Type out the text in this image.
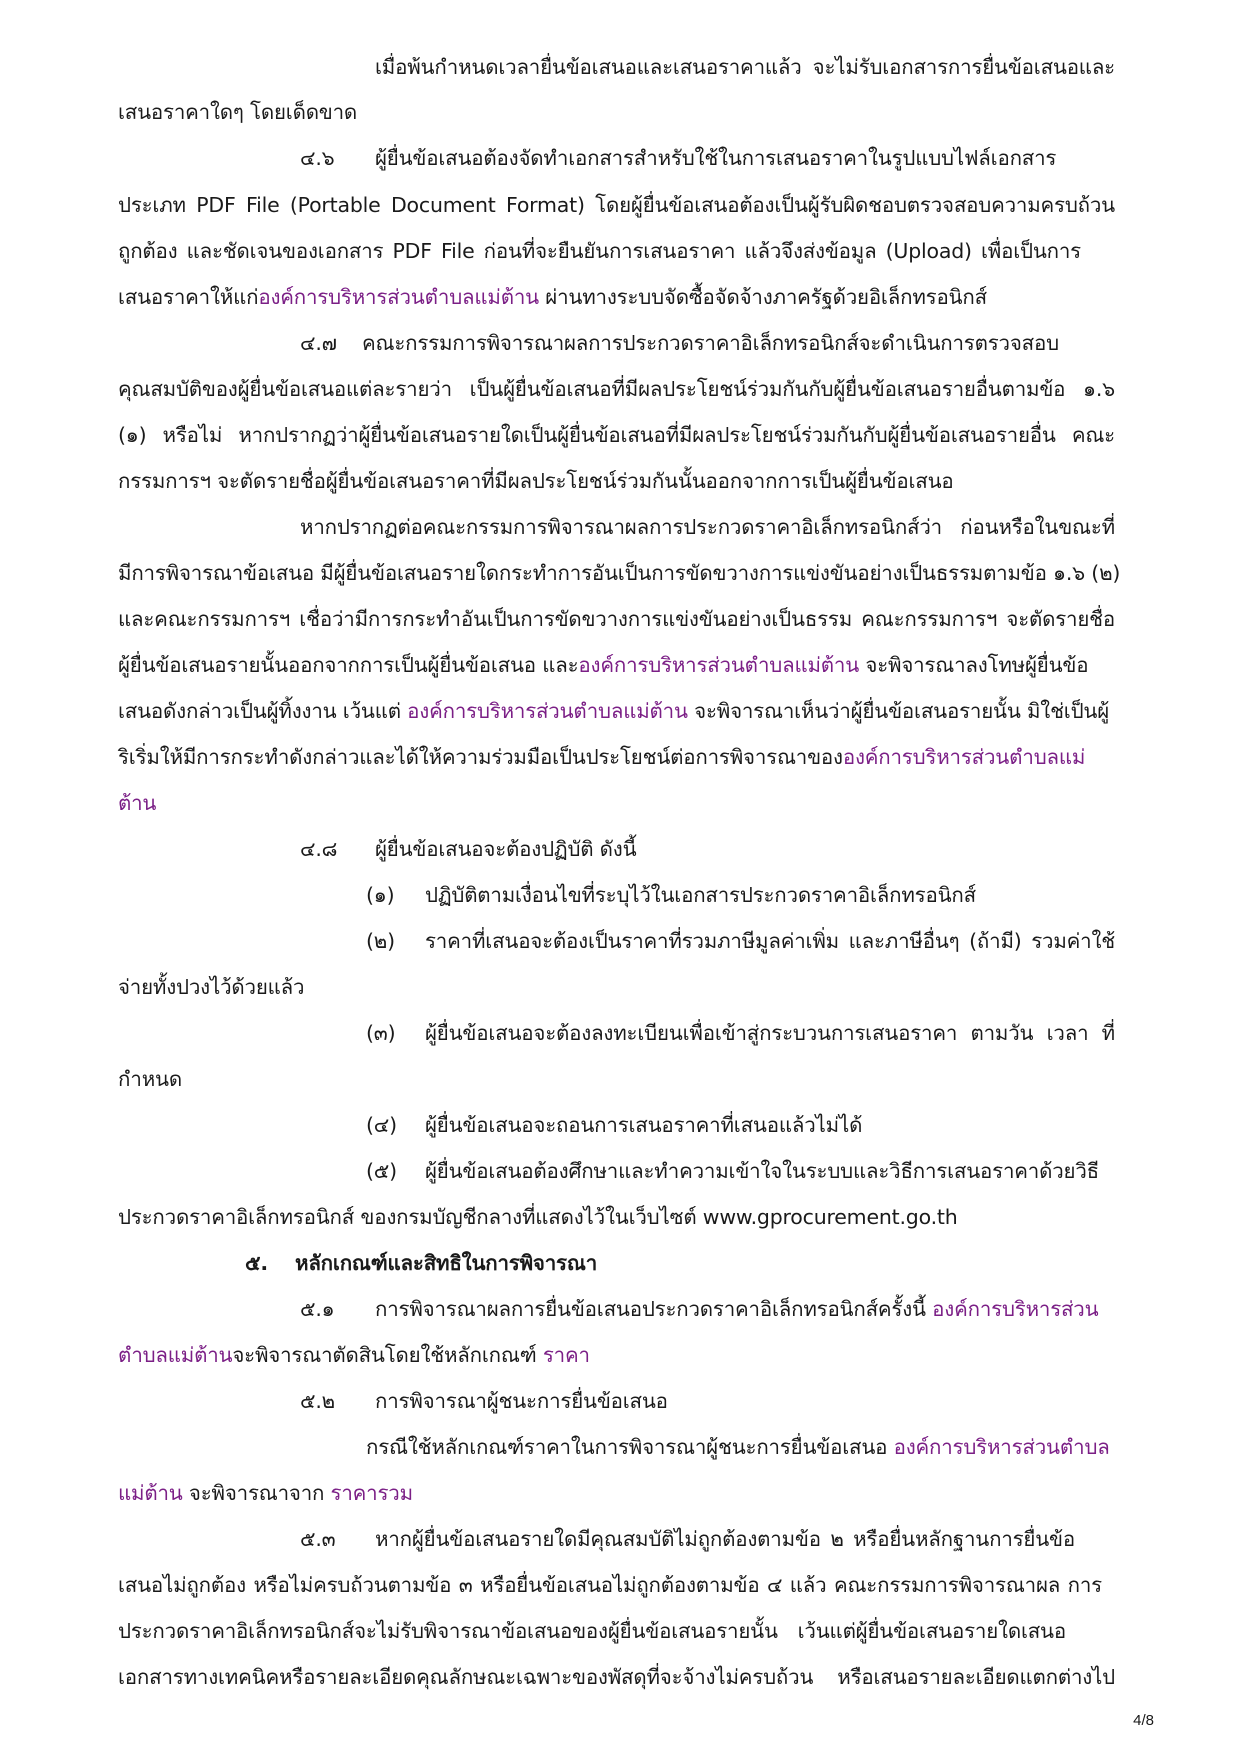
เมื่อพ้นกำหนดเวลายื่นข้อเสนอและเสนอราคาแล้ว จะไม่รับเอกสารการยื่นข้อเสนอและ
เสนอราคาใดๆ โดยเด็ดขาด
๔.๖ ผู้ยื่นข้อเสนอต้องจัดทำเอกสารสำหรับใช้ในการเสนอราคาในรูปแบบไฟล์เอกสาร
ประเภท PDF File (Portable Document Format) โดยผู้ยื่นข้อเสนอต้องเป็นผู้รับผิดชอบตรวจสอบความครบถ้วน
ถูกต้อง และชัดเจนของเอกสาร PDF File ก่อนที่จะยืนยันการเสนอราคา แล้วจึงส่งข้อมูล (Upload) เพื่อเป็นการ
เสนอราคาให้แก่องค์การบริหารส่วนตำบลแม่ต้าน ผ่านทางระบบจัดซื้อจัดจ้างภาครัฐด้วยอิเล็กทรอนิกส์
๔.๗ คณะกรรมการพิจารณาผลการประกวดราคาอิเล็กทรอนิกส์จะดำเนินการตรวจสอบ
คุณสมบัติของผู้ยื่นข้อเสนอแต่ละรายว่า เป็นผู้ยื่นข้อเสนอที่มีผลประโยชน์ร่วมกันกับผู้ยื่นข้อเสนอรายอื่นตามข้อ ๑.๖
(๑) หรือไม่ หากปรากฏว่าผู้ยื่นข้อเสนอรายใดเป็นผู้ยื่นข้อเสนอที่มีผลประโยชน์ร่วมกันกับผู้ยื่นข้อเสนอรายอื่น คณะ
กรรมการฯ จะตัดรายชื่อผู้ยื่นข้อเสนอราคาที่มีผลประโยชน์ร่วมกันนั้นออกจากการเป็นผู้ยื่นข้อเสนอ
หากปรากฏต่อคณะกรรมการพิจารณาผลการประกวดราคาอิเล็กทรอนิกส์ว่า ก่อนหรือในขณะที่
มีการพิจารณาข้อเสนอ มีผู้ยื่นข้อเสนอรายใดกระทำการอันเป็นการขัดขวางการแข่งขันอย่างเป็นธรรมตามข้อ ๑.๖ (๒)
และคณะกรรมการฯ เชื่อว่ามีการกระทำอันเป็นการขัดขวางการแข่งขันอย่างเป็นธรรม คณะกรรมการฯ จะตัดรายชื่อ
ผู้ยื่นข้อเสนอรายนั้นออกจากการเป็นผู้ยื่นข้อเสนอ และองค์การบริหารส่วนตำบลแม่ต้าน จะพิจารณาลงโทษผู้ยื่นข้อ
เสนอดังกล่าวเป็นผู้ทิ้งงาน เว้นแต่ องค์การบริหารส่วนตำบลแม่ต้าน จะพิจารณาเห็นว่าผู้ยื่นข้อเสนอรายนั้น มิใช่เป็นผู้
ริเริ่มให้มีการกระทำดังกล่าวและได้ให้ความร่วมมือเป็นประโยชน์ต่อการพิจารณาขององค์การบริหารส่วนตำบลแม่
ต้าน
๔.๘ ผู้ยื่นข้อเสนอจะต้องปฏิบัติ ดังนี้
(๑) ปฏิบัติตามเงื่อนไขที่ระบุไว้ในเอกสารประกวดราคาอิเล็กทรอนิกส์
(๒) ราคาที่เสนอจะต้องเป็นราคาที่รวมภาษีมูลค่าเพิ่ม และภาษีอื่นๆ (ถ้ามี) รวมค่าใช้
จ่ายทั้งปวงไว้ด้วยแล้ว
(๓) ผู้ยื่นข้อเสนอจะต้องลงทะเบียนเพื่อเข้าสู่กระบวนการเสนอราคา ตามวัน เวลา ที่
กำหนด
(๔) ผู้ยื่นข้อเสนอจะถอนการเสนอราคาที่เสนอแล้วไม่ได้
(๕) ผู้ยื่นข้อเสนอต้องศึกษาและทำความเข้าใจในระบบและวิธีการเสนอราคาด้วยวิธี
ประกวดราคาอิเล็กทรอนิกส์ ของกรมบัญชีกลางที่แสดงไว้ในเว็บไซต์ www.gprocurement.go.th
๕. หลักเกณฑ์และสิทธิในการพิจารณา
๕.๑ การพิจารณาผลการยื่นข้อเสนอประกวดราคาอิเล็กทรอนิกส์ครั้งนี้ องค์การบริหารส่วน
ตำบลแม่ต้านจะพิจารณาตัดสินโดยใช้หลักเกณฑ์ ราคา
๕.๒ การพิจารณาผู้ชนะการยื่นข้อเสนอ
กรณีใช้หลักเกณฑ์ราคาในการพิจารณาผู้ชนะการยื่นข้อเสนอ องค์การบริหารส่วนตำบล
แม่ต้าน จะพิจารณาจาก ราคารวม
๕.๓ หากผู้ยื่นข้อเสนอรายใดมีคุณสมบัติไม่ถูกต้องตามข้อ ๒ หรือยื่นหลักฐานการยื่นข้อ
เสนอไม่ถูกต้อง หรือไม่ครบถ้วนตามข้อ ๓ หรือยื่นข้อเสนอไม่ถูกต้องตามข้อ ๔ แล้ว คณะกรรมการพิจารณาผล การ
ประกวดราคาอิเล็กทรอนิกส์จะไม่รับพิจารณาข้อเสนอของผู้ยื่นข้อเสนอรายนั้น เว้นแต่ผู้ยื่นข้อเสนอรายใดเสนอ
เอกสารทางเทคนิคหรือรายละเอียดคุณลักษณะเฉพาะของพัสดุที่จะจ้างไม่ครบถ้วน หรือเสนอรายละเอียดแตกต่างไป
4/8
